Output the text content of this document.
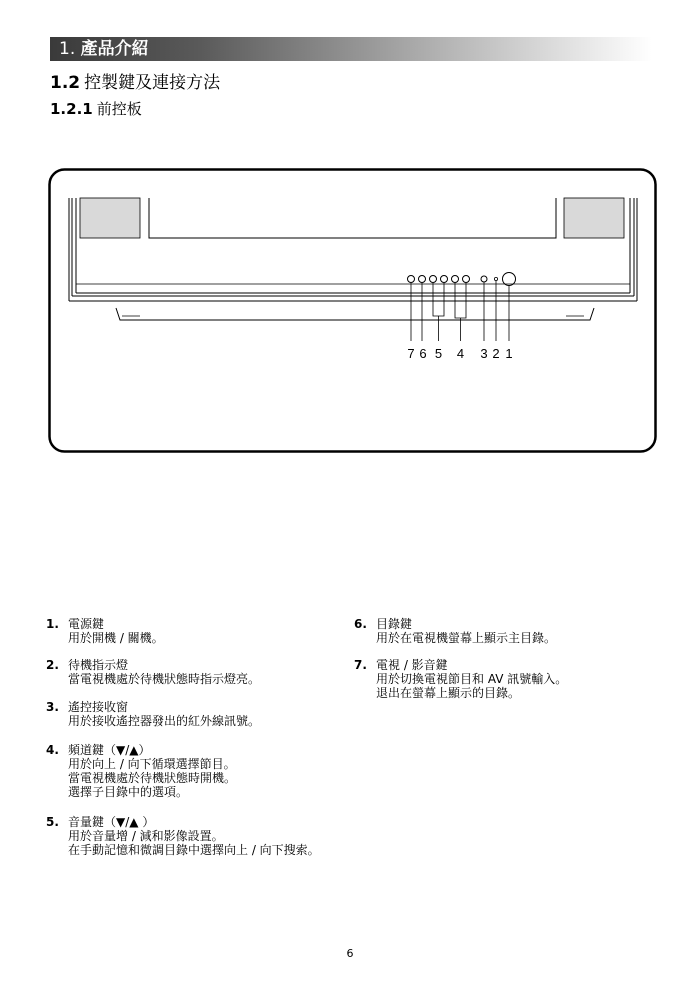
1. 產品介紹
1.2 控製鍵及連接方法
1.2.1 前控板
7 6 5 4 3 2 1
1. 電源鍵
用於開機 / 關機。
2. 待機指示燈
當電視機處於待機狀態時指示燈亮。
3. 遙控接收窗
用於接收遙控器發出的紅外線訊號。
4. 頻道鍵（▼/▲）
用於向上 / 向下循環選擇節目。
當電視機處於待機狀態時開機。
選擇子目錄中的選項。
5. 音量鍵（▼/▲ ）
用於音量增 / 減和影像設置。
在手動記憶和微調目錄中選擇向上 / 向下搜索。
6. 目錄鍵
用於在電視機螢幕上顯示主目錄。
7. 電視 / 影音鍵
用於切換電視節目和 AV 訊號輸入。
退出在螢幕上顯示的目錄。
6
